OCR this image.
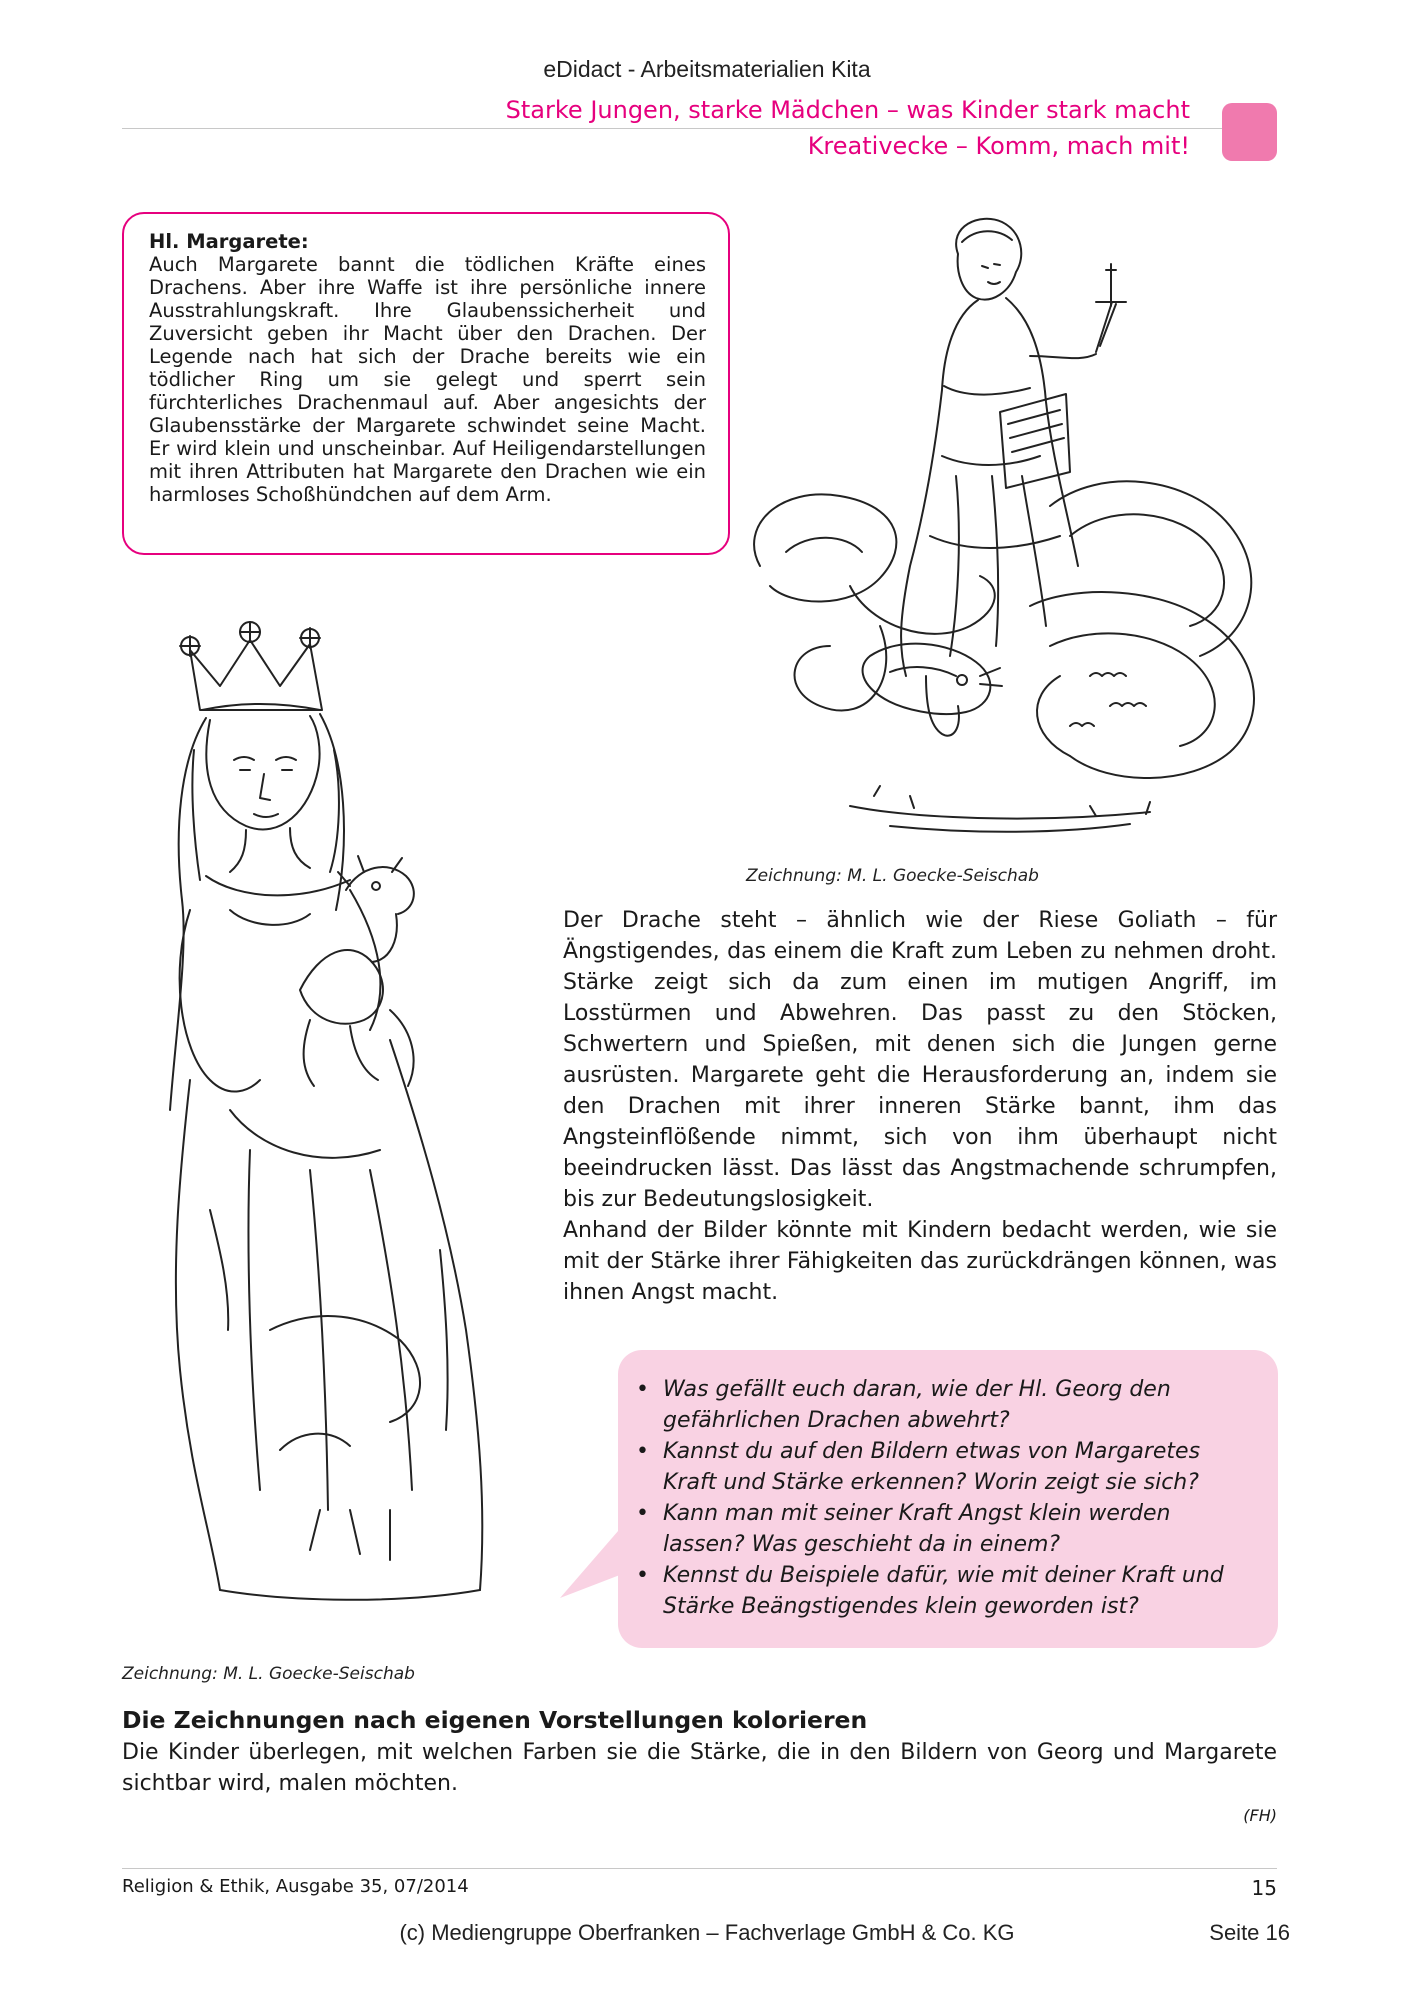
eDidact - Arbeitsmaterialien Kita
Starke Jungen, starke Mädchen – was Kinder stark macht
Kreativecke – Komm, mach mit!
Hl. Margarete:
Auch Margarete bannt die tödlichen Kräfte eines Drachens. Aber ihre Waffe ist ihre persönliche innere Ausstrahlungskraft. Ihre Glaubenssicherheit und Zuversicht geben ihr Macht über den Drachen. Der Legende nach hat sich der Drache bereits wie ein tödlicher Ring um sie gelegt und sperrt sein fürchterliches Drachenmaul auf. Aber angesichts der Glaubensstärke der Margarete schwindet seine Macht. Er wird klein und unscheinbar. Auf Heiligendarstellungen mit ihren Attributen hat Margarete den Drachen wie ein harmloses Schoßhündchen auf dem Arm.
Zeichnung: M. L. Goecke-Seischab
Zeichnung: M. L. Goecke-Seischab

Der Drache steht – ähnlich wie der Riese Goliath – für Ängstigendes, das einem die Kraft zum Leben zu nehmen droht. Stärke zeigt sich da zum einen im mutigen Angriff, im Losstürmen und Abwehren. Das passt zu den Stöcken, Schwertern und Spießen, mit denen sich die Jungen gerne ausrüsten. Margarete geht die Herausforderung an, indem sie den Drachen mit ihrer inneren Stärke bannt, ihm das Angsteinflößende nimmt, sich von ihm überhaupt nicht beeindrucken lässt. Das lässt das Angstmachende schrumpfen, bis zur Bedeutungslosigkeit.

Anhand der Bilder könnte mit Kindern bedacht werden, wie sie mit der Stärke ihrer Fähigkeiten das zurückdrängen können, was ihnen Angst macht.

• Was gefällt euch daran, wie der Hl. Georg den gefährlichen Drachen abwehrt?
• Kannst du auf den Bildern etwas von Margaretes Kraft und Stärke erkennen? Worin zeigt sie sich?
• Kann man mit seiner Kraft Angst klein werden lassen? Was geschieht da in einem?
• Kennst du Beispiele dafür, wie mit deiner Kraft und Stärke Beängstigendes klein geworden ist?
Die Zeichnungen nach eigenen Vorstellungen kolorieren
Die Kinder überlegen, mit welchen Farben sie die Stärke, die in den Bildern von Georg und Margarete sichtbar wird, malen möchten.
(FH)
Religion & Ethik, Ausgabe 35, 07/2014	15
(c) Mediengruppe Oberfranken – Fachverlage GmbH & Co. KG	Seite 16
